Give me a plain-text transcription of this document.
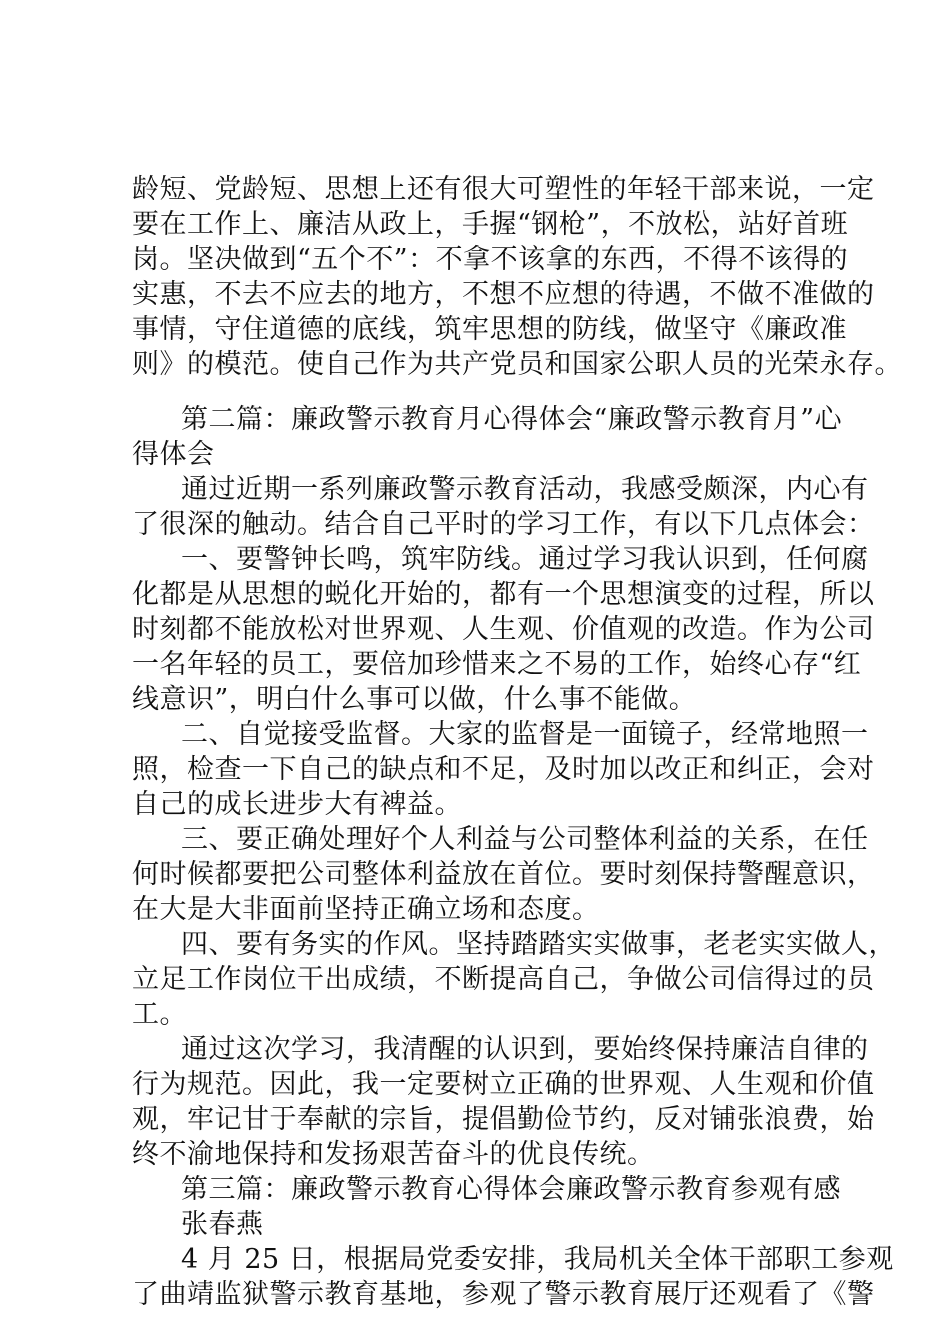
龄短、党龄短、思想上还有很大可塑性的年轻干部来说，一定
要在工作上、廉洁从政上，手握“钢枪”，不放松，站好首班
岗。坚决做到“五个不”：不拿不该拿的东西，不得不该得的
实惠，不去不应去的地方，不想不应想的待遇，不做不准做的
事情，守住道德的底线，筑牢思想的防线，做坚守《廉政准
则》的模范。使自己作为共产党员和国家公职人员的光荣永存。
第二篇：廉政警示教育月心得体会“廉政警示教育月”心
得体会
通过近期一系列廉政警示教育活动，我感受颇深，内心有
了很深的触动。结合自己平时的学习工作，有以下几点体会：
一、要警钟长鸣，筑牢防线。通过学习我认识到，任何腐
化都是从思想的蜕化开始的，都有一个思想演变的过程，所以
时刻都不能放松对世界观、人生观、价值观的改造。作为公司
一名年轻的员工，要倍加珍惜来之不易的工作，始终心存“红
线意识”，明白什么事可以做，什么事不能做。
二、自觉接受监督。大家的监督是一面镜子，经常地照一
照，检查一下自己的缺点和不足，及时加以改正和纠正，会对
自己的成长进步大有裨益。
三、要正确处理好个人利益与公司整体利益的关系，在任
何时候都要把公司整体利益放在首位。要时刻保持警醒意识，
在大是大非面前坚持正确立场和态度。
四、要有务实的作风。坚持踏踏实实做事，老老实实做人，
立足工作岗位干出成绩，不断提高自己，争做公司信得过的员
工。
通过这次学习，我清醒的认识到，要始终保持廉洁自律的
行为规范。因此，我一定要树立正确的世界观、人生观和价值
观，牢记甘于奉献的宗旨，提倡勤俭节约，反对铺张浪费，始
终不渝地保持和发扬艰苦奋斗的优良传统。
第三篇：廉政警示教育心得体会廉政警示教育参观有感
张春燕
4 月 25 日，根据局党委安排，我局机关全体干部职工参观
了曲靖监狱警示教育基地，参观了警示教育展厅还观看了《警
